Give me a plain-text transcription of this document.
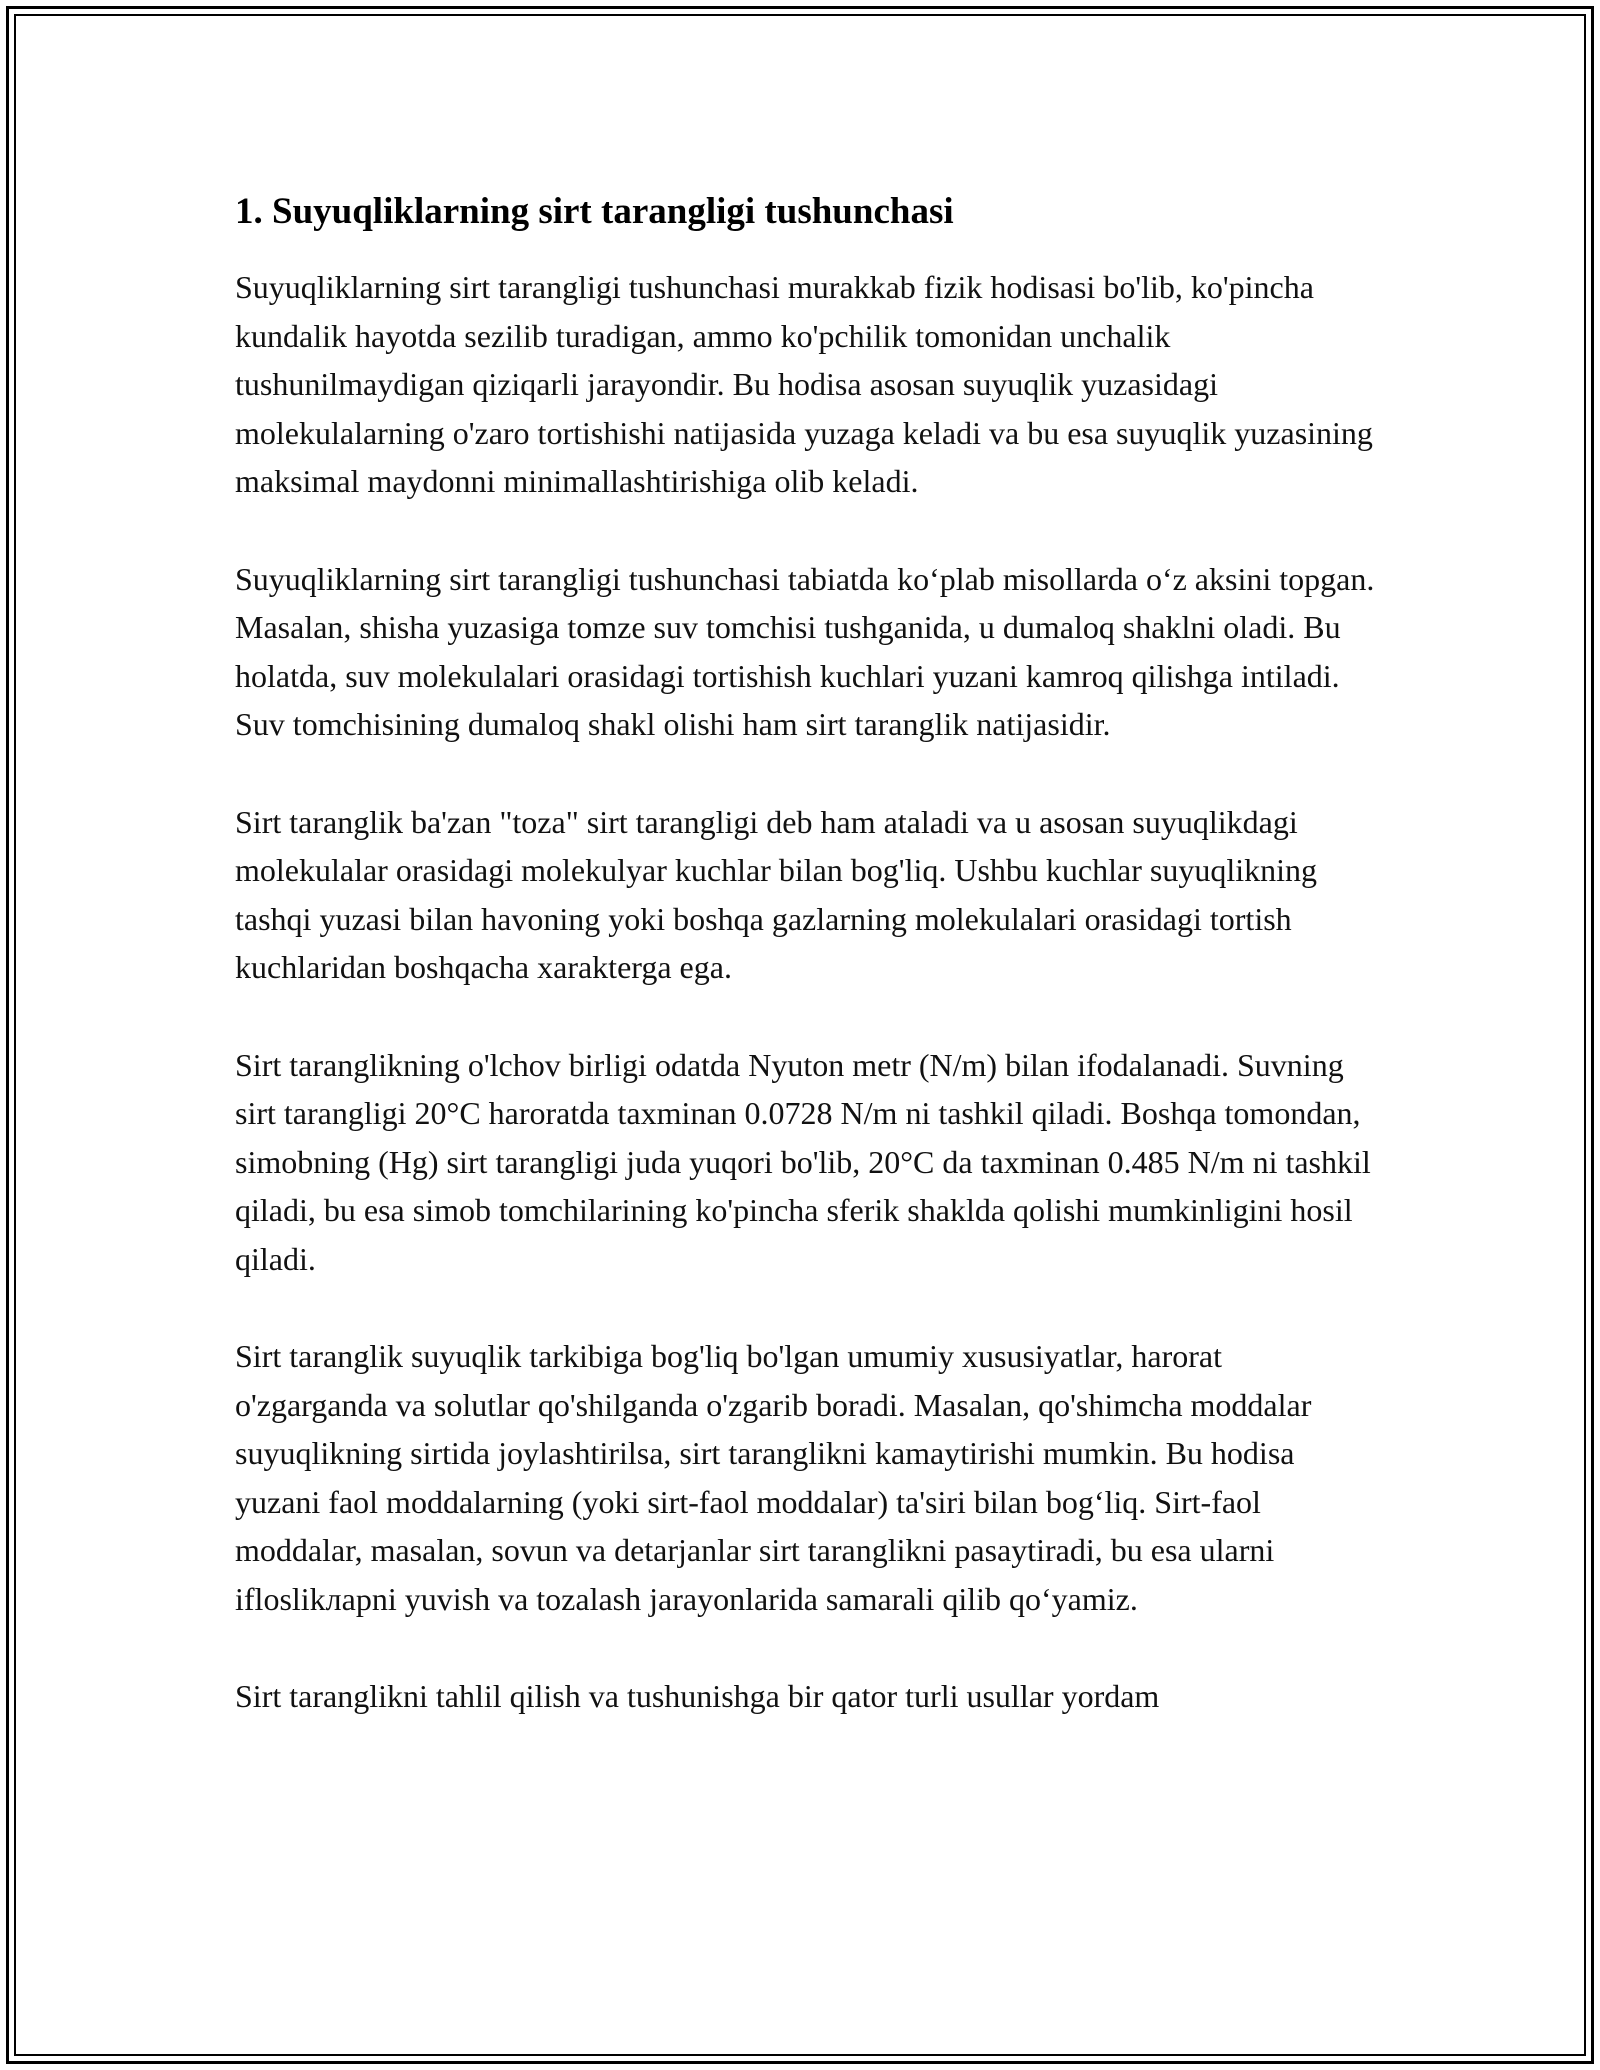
1. Suyuqliklarning sirt tarangligi tushunchasi

Suyuqliklarning sirt tarangligi tushunchasi murakkab fizik hodisasi bo'lib, ko'pincha kundalik hayotda sezilib turadigan, ammo ko'pchilik tomonidan unchalik tushunilmaydigan qiziqarli jarayondir. Bu hodisa asosan suyuqlik yuzasidagi molekulalarning o'zaro tortishishi natijasida yuzaga keladi va bu esa suyuqlik yuzasining maksimal maydonni minimallashtirishiga olib keladi.

Suyuqliklarning sirt tarangligi tushunchasi tabiatda ko‘plab misollarda o‘z aksini topgan. Masalan, shisha yuzasiga tomze suv tomchisi tushganida, u dumaloq shaklni oladi. Bu holatda, suv molekulalari orasidagi tortishish kuchlari yuzani kamroq qilishga intiladi. Suv tomchisining dumaloq shakl olishi ham sirt taranglik natijasidir.

Sirt taranglik ba'zan "toza" sirt tarangligi deb ham ataladi va u asosan suyuqlikdagi molekulalar orasidagi molekulyar kuchlar bilan bog'liq. Ushbu kuchlar suyuqlikning tashqi yuzasi bilan havoning yoki boshqa gazlarning molekulalari orasidagi tortish kuchlaridan boshqacha xarakterga ega.

Sirt taranglikning o'lchov birligi odatda Nyuton metr (N/m) bilan ifodalanadi. Suvning sirt tarangligi 20°C haroratda taxminan 0.0728 N/m ni tashkil qiladi. Boshqa tomondan, simobning (Hg) sirt tarangligi juda yuqori bo'lib, 20°C da taxminan 0.485 N/m ni tashkil qiladi, bu esa simob tomchilarining ko'pincha sferik shaklda qolishi mumkinligini hosil qiladi.

Sirt taranglik suyuqlik tarkibiga bog'liq bo'lgan umumiy xususiyatlar, harorat o'zgarganda va solutlar qo'shilganda o'zgarib boradi. Masalan, qo'shimcha moddalar suyuqlikning sirtida joylashtirilsa, sirt taranglikni kamaytirishi mumkin. Bu hodisa yuzani faol moddalarning (yoki sirt-faol moddalar) ta'siri bilan bog‘liq. Sirt-faol moddalar, masalan, sovun va detarjanlar sirt taranglikni pasaytiradi, bu esa ularni ifloslikларni yuvish va tozalash jarayonlarida samarali qilib qo‘yamiz.

Sirt taranglikni tahlil qilish va tushunishga bir qator turli usullar yordam
